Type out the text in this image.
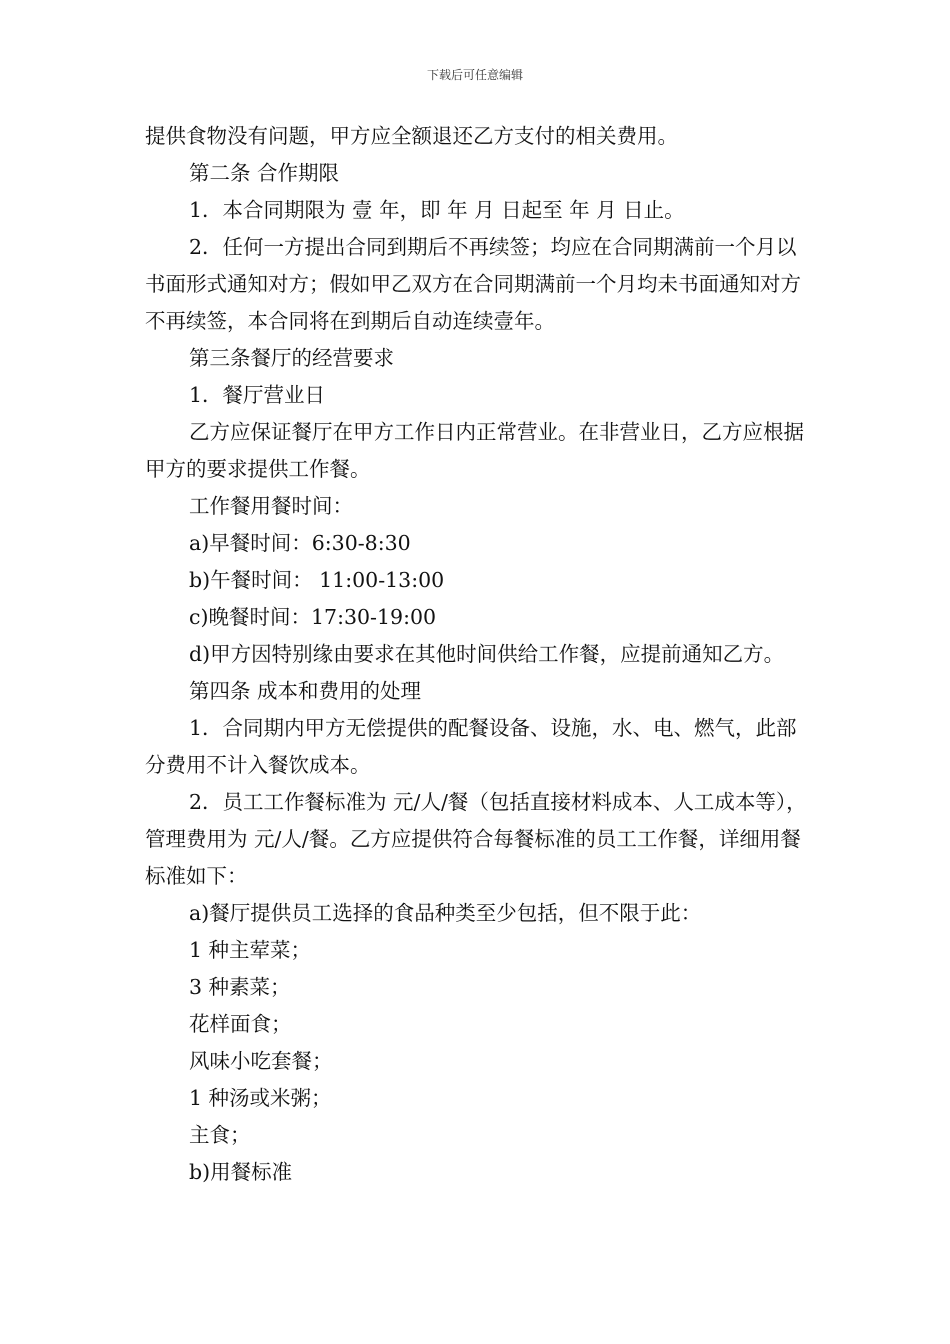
下载后可任意编辑

提供食物没有问题，甲方应全额退还乙方支付的相关费用。

第二条 合作期限

1．本合同期限为 壹 年，即 年 月 日起至 年 月 日止。

2．任何一方提出合同到期后不再续签；均应在合同期满前一个月以书面形式通知对方；假如甲乙双方在合同期满前一个月均未书面通知对方不再续签，本合同将在到期后自动连续壹年。

第三条餐厅的经营要求

1．餐厅营业日

乙方应保证餐厅在甲方工作日内正常营业。在非营业日，乙方应根据甲方的要求提供工作餐。

工作餐用餐时间：

a)早餐时间：6:30-8:30

b)午餐时间： 11:00-13:00

c)晚餐时间：17:30-19:00

d)甲方因特别缘由要求在其他时间供给工作餐，应提前通知乙方。

第四条 成本和费用的处理

1．合同期内甲方无偿提供的配餐设备、设施，水、电、燃气，此部分费用不计入餐饮成本。

2．员工工作餐标准为 元/人/餐（包括直接材料成本、人工成本等），管理费用为 元/人/餐。乙方应提供符合每餐标准的员工工作餐，详细用餐标准如下：

a)餐厅提供员工选择的食品种类至少包括，但不限于此：

1 种主荤菜；

3 种素菜；

花样面食；

风味小吃套餐；

1 种汤或米粥；

主食；

b)用餐标准
